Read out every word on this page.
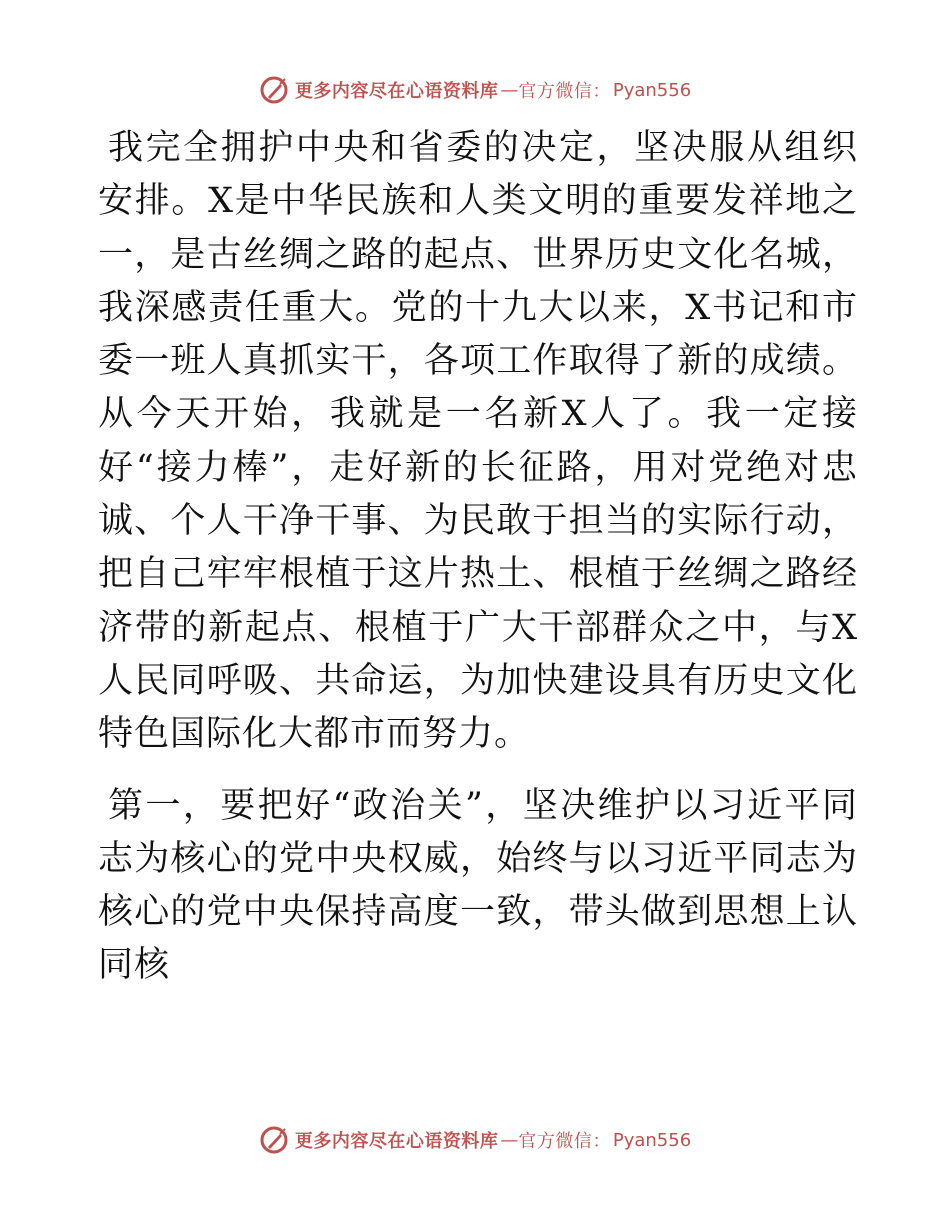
更多内容尽在心语资料库 — 官方微信： Pyan556

我完全拥护中央和省委的决定，坚决服从组织安排。X是中华民族和人类文明的重要发祥地之一，是古丝绸之路的起点、世界历史文化名城，我深感责任重大。党的十九大以来，X书记和市委一班人真抓实干，各项工作取得了新的成绩。从今天开始，我就是一名新X人了。我一定接好“接力棒”，走好新的长征路，用对党绝对忠诚、个人干净干事、为民敢于担当的实际行动，把自己牢牢根植于这片热土、根植于丝绸之路经济带的新起点、根植于广大干部群众之中，与X人民同呼吸、共命运，为加快建设具有历史文化特色国际化大都市而努力。

第一，要把好“政治关”，坚决维护以习近平同志为核心的党中央权威，始终与以习近平同志为核心的党中央保持高度一致，带头做到思想上认同核

更多内容尽在心语资料库 — 官方微信： Pyan556
